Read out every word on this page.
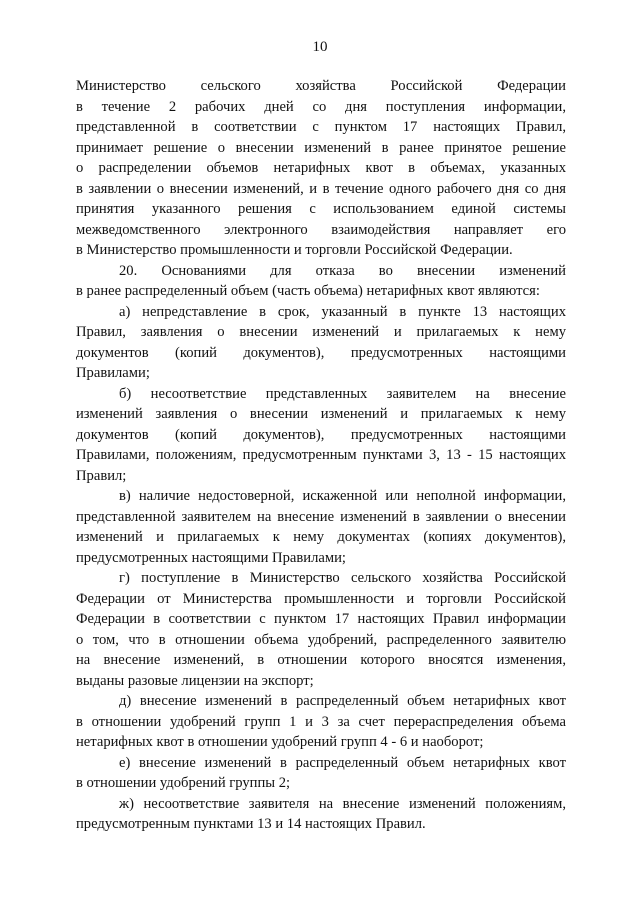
10
Министерство сельского хозяйства Российской Федерации
в течение 2 рабочих дней со дня поступления информации,
представленной в соответствии с пунктом 17 настоящих Правил,
принимает решение о внесении изменений в ранее принятое решение
о распределении объемов нетарифных квот в объемах, указанных
в заявлении о внесении изменений, и в течение одного рабочего дня со дня
принятия указанного решения с использованием единой системы
межведомственного электронного взаимодействия направляет его
в Министерство промышленности и торговли Российской Федерации.
20. Основаниями для отказа во внесении изменений
в ранее распределенный объем (часть объема) нетарифных квот являются:
а) непредставление в срок, указанный в пункте 13 настоящих
Правил, заявления о внесении изменений и прилагаемых к нему
документов (копий документов), предусмотренных настоящими
Правилами;
б) несоответствие представленных заявителем на внесение
изменений заявления о внесении изменений и прилагаемых к нему
документов (копий документов), предусмотренных настоящими
Правилами, положениям, предусмотренным пунктами 3, 13 - 15 настоящих
Правил;
в) наличие недостоверной, искаженной или неполной информации,
представленной заявителем на внесение изменений в заявлении о внесении
изменений и прилагаемых к нему документах (копиях документов),
предусмотренных настоящими Правилами;
г) поступление в Министерство сельского хозяйства Российской
Федерации от Министерства промышленности и торговли Российской
Федерации в соответствии с пунктом 17 настоящих Правил информации
о том, что в отношении объема удобрений, распределенного заявителю
на внесение изменений, в отношении которого вносятся изменения,
выданы разовые лицензии на экспорт;
д) внесение изменений в распределенный объем нетарифных квот
в отношении удобрений групп 1 и 3 за счет перераспределения объема
нетарифных квот в отношении удобрений групп 4 - 6 и наоборот;
е) внесение изменений в распределенный объем нетарифных квот
в отношении удобрений группы 2;
ж) несоответствие заявителя на внесение изменений положениям,
предусмотренным пунктами 13 и 14 настоящих Правил.
